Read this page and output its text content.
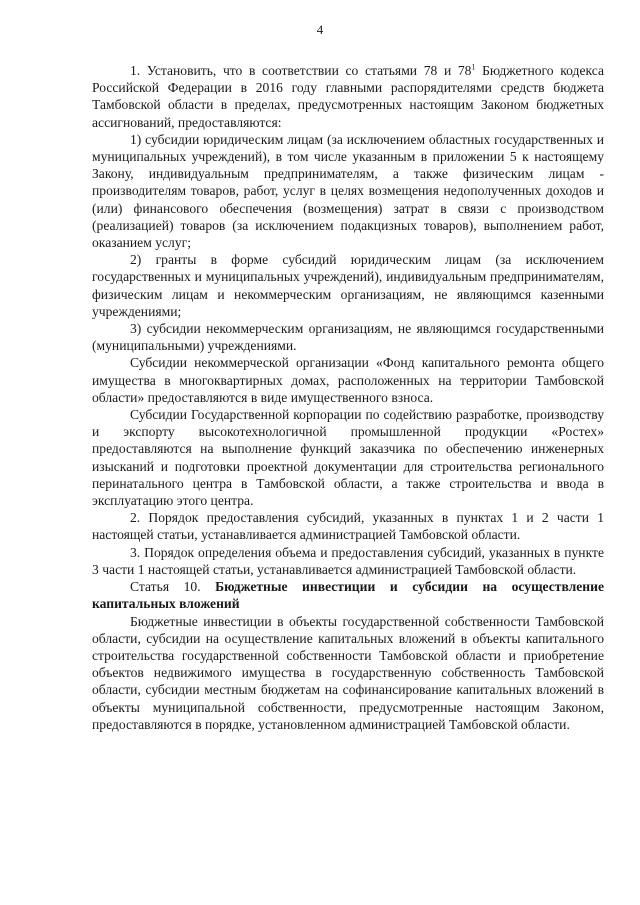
4

1. Установить, что в соответствии со статьями 78 и $78^1$ Бюджетного кодекса Российской Федерации в 2016 году главными распорядителями средств бюджета Тамбовской области в пределах, предусмотренных настоящим Законом бюджетных ассигнований, предоставляются:

1) субсидии юридическим лицам (за исключением областных государственных и муниципальных учреждений), в том числе указанным в приложении 5 к настоящему Закону, индивидуальным предпринимателям, а также физическим лицам - производителям товаров, работ, услуг в целях возмещения недополученных доходов и (или) финансового обеспечения (возмещения) затрат в связи с производством (реализацией) товаров (за исключением подакцизных товаров), выполнением работ, оказанием услуг;

2) гранты в форме субсидий юридическим лицам (за исключением государственных и муниципальных учреждений), индивидуальным предпринимателям, физическим лицам и некоммерческим организациям, не являющимся казенными учреждениями;

3) субсидии некоммерческим организациям, не являющимся государственными (муниципальными) учреждениями.

Субсидии некоммерческой организации «Фонд капитального ремонта общего имущества в многоквартирных домах, расположенных на территории Тамбовской области» предоставляются в виде имущественного взноса.

Субсидии Государственной корпорации по содействию разработке, производству и экспорту высокотехнологичной промышленной продукции «Ростех» предоставляются на выполнение функций заказчика по обеспечению инженерных изысканий и подготовки проектной документации для строительства регионального перинатального центра в Тамбовской области, а также строительства и ввода в эксплуатацию этого центра.

2. Порядок предоставления субсидий, указанных в пунктах 1 и 2 части 1 настоящей статьи, устанавливается администрацией Тамбовской области.

3. Порядок определения объема и предоставления субсидий, указанных в пункте 3 части 1 настоящей статьи, устанавливается администрацией Тамбовской области.

Статья 10. Бюджетные инвестиции и субсидии на осуществление капитальных вложений

Бюджетные инвестиции в объекты государственной собственности Тамбовской области, субсидии на осуществление капитальных вложений в объекты капитального строительства государственной собственности Тамбовской области и приобретение объектов недвижимого имущества в государственную собственность Тамбовской области, субсидии местным бюджетам на софинансирование капитальных вложений в объекты муниципальной собственности, предусмотренные настоящим Законом, предоставляются в порядке, установленном администрацией Тамбовской области.
